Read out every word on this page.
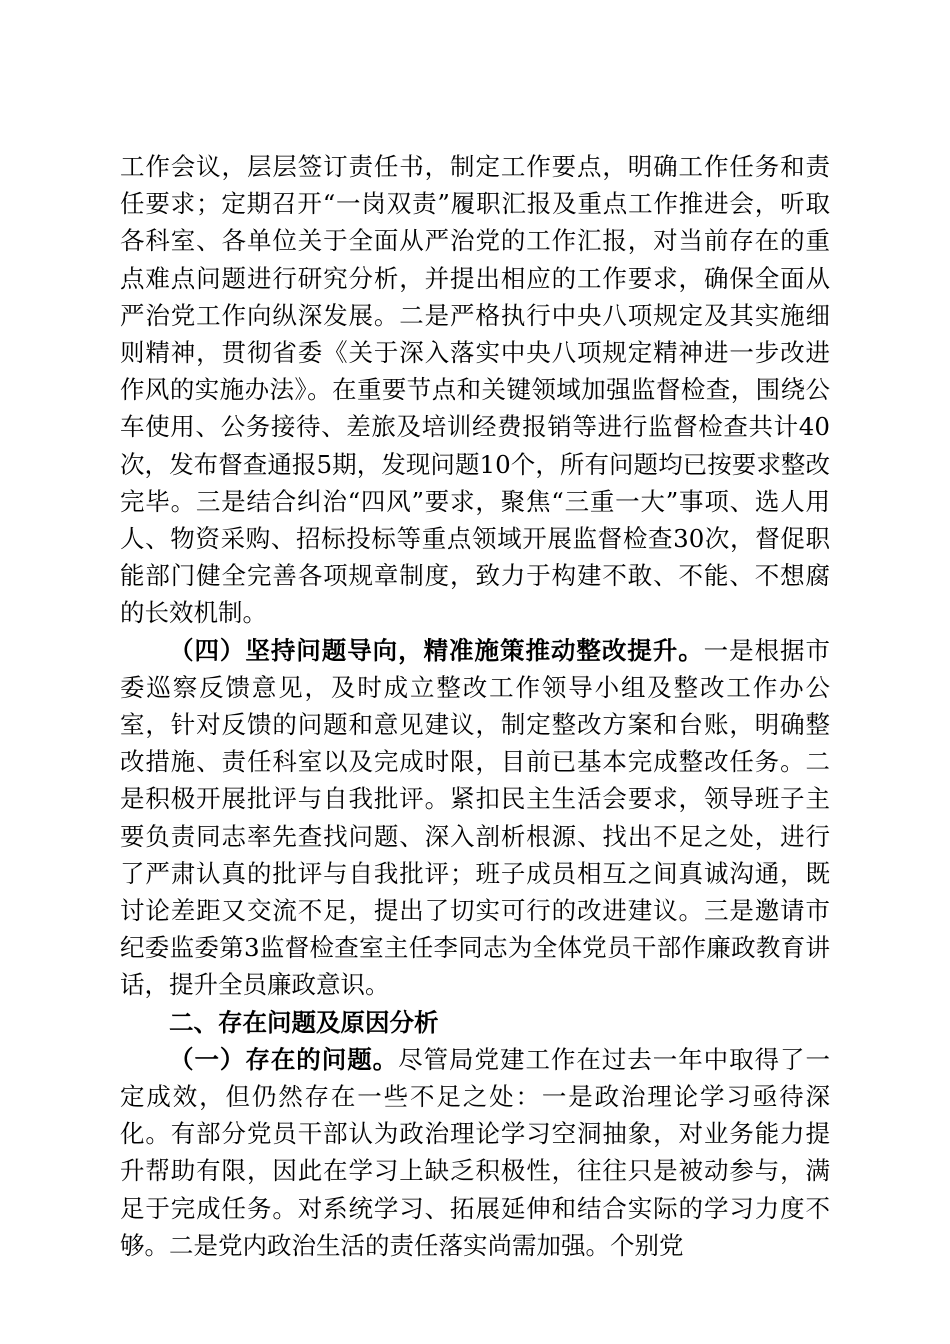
工作会议，层层签订责任书，制定工作要点，明确工作任务和责任要求；定期召开“一岗双责”履职汇报及重点工作推进会，听取各科室、各单位关于全面从严治党的工作汇报，对当前存在的重点难点问题进行研究分析，并提出相应的工作要求，确保全面从严治党工作向纵深发展。二是严格执行中央八项规定及其实施细则精神，贯彻省委《关于深入落实中央八项规定精神进一步改进作风的实施办法》。在重要节点和关键领域加强监督检查，围绕公车使用、公务接待、差旅及培训经费报销等进行监督检查共计40次，发布督查通报5期，发现问题10个，所有问题均已按要求整改完毕。三是结合纠治“四风”要求，聚焦“三重一大”事项、选人用人、物资采购、招标投标等重点领域开展监督检查30次，督促职能部门健全完善各项规章制度，致力于构建不敢、不能、不想腐的长效机制。

（四）坚持问题导向，精准施策推动整改提升。一是根据市委巡察反馈意见，及时成立整改工作领导小组及整改工作办公室，针对反馈的问题和意见建议，制定整改方案和台账，明确整改措施、责任科室以及完成时限，目前已基本完成整改任务。二是积极开展批评与自我批评。紧扣民主生活会要求，领导班子主要负责同志率先查找问题、深入剖析根源、找出不足之处，进行了严肃认真的批评与自我批评；班子成员相互之间真诚沟通，既讨论差距又交流不足，提出了切实可行的改进建议。三是邀请市纪委监委第3监督检查室主任李同志为全体党员干部作廉政教育讲话，提升全员廉政意识。

二、存在问题及原因分析

（一）存在的问题。尽管局党建工作在过去一年中取得了一定成效，但仍然存在一些不足之处：一是政治理论学习亟待深化。有部分党员干部认为政治理论学习空洞抽象，对业务能力提升帮助有限，因此在学习上缺乏积极性，往往只是被动参与，满足于完成任务。对系统学习、拓展延伸和结合实际的学习力度不够。二是党内政治生活的责任落实尚需加强。个别党
